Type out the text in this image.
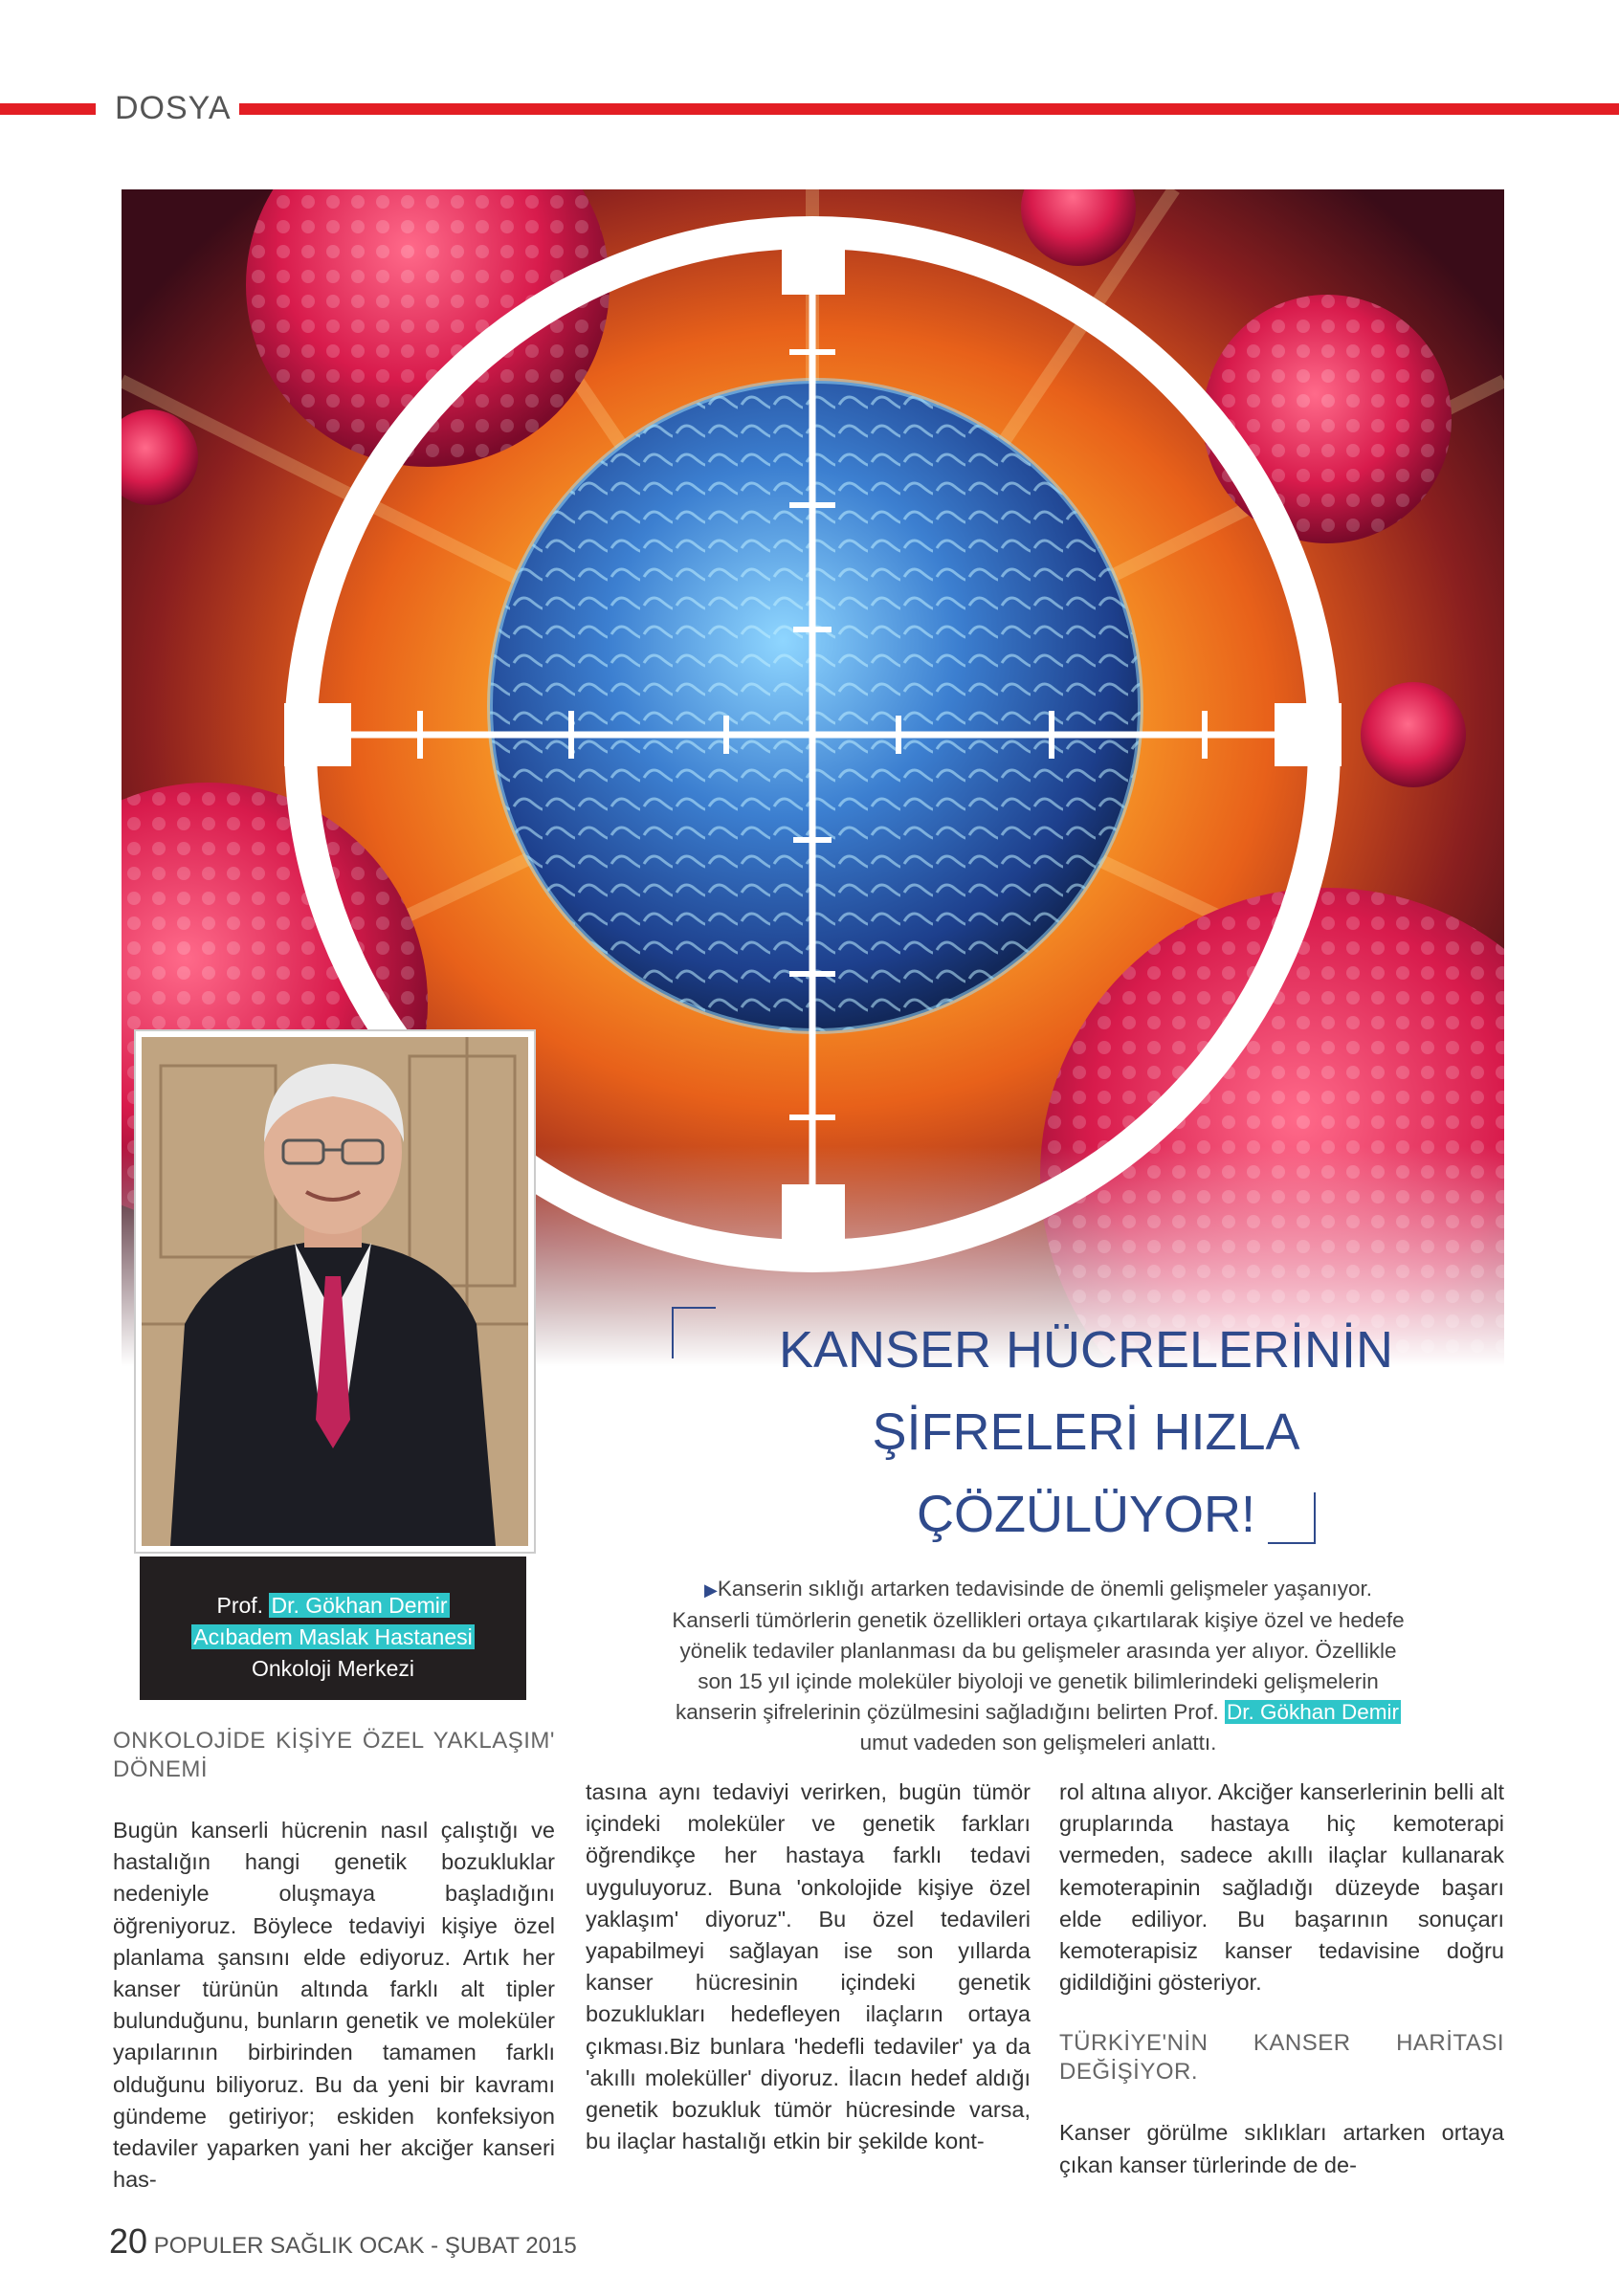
DOSYA
Prof. Dr. Gökhan Demir
Acıbadem Maslak Hastanesi
Onkoloji Merkezi
KANSER HÜCRELERİNİN
ŞİFRELERİ HIZLA
ÇÖZÜLÜYOR!
▶Kanserin sıklığı artarken tedavisinde de önemli gelişmeler yaşanıyor.
Kanserli tümörlerin genetik özellikleri ortaya çıkartılarak kişiye özel ve hedefe
yönelik tedaviler planlanması da bu gelişmeler arasında yer alıyor. Özellikle
son 15 yıl içinde moleküler biyoloji ve genetik bilimlerindeki gelişmelerin
kanserin şifrelerinin çözülmesini sağladığını belirten Prof. Dr. Gökhan Demir
umut vadeden son gelişmeleri anlattı.
ONKOLOJİDE KİŞİYE ÖZEL YAKLAŞIM' DÖNEMİ

Bugün kanserli hücrenin nasıl çalıştığı ve hastalığın hangi genetik bozukluklar nedeniyle oluşmaya başladığını öğreniyoruz. Böylece tedaviyi kişiye özel planlama şansını elde ediyoruz. Artık her kanser türünün altında farklı alt tipler bulunduğunu, bunların genetik ve moleküler yapılarının birbirinden tamamen farklı olduğunu biliyoruz. Bu da yeni bir kavramı gündeme getiriyor; eskiden konfeksiyon tedaviler yaparken yani her akciğer kanseri has-

tasına aynı tedaviyi verirken, bugün tümör içindeki moleküler ve genetik farkları öğrendikçe her hastaya farklı tedavi uyguluyoruz. Buna 'onkolojide kişiye özel yaklaşım' diyoruz". Bu özel tedavileri yapabilmeyi sağlayan ise son yıllarda kanser hücresinin içindeki genetik bozuklukları hedefleyen ilaçların ortaya çıkması.Biz bunlara 'hedefli tedaviler' ya da 'akıllı moleküller' diyoruz. İlacın hedef aldığı genetik bozukluk tümör hücresinde varsa, bu ilaçlar hastalığı etkin bir şekilde kont-

rol altına alıyor. Akciğer kanserlerinin belli alt gruplarında hastaya hiç kemoterapi vermeden, sadece akıllı ilaçlar kullanarak kemoterapinin sağladığı düzeyde başarı elde ediliyor. Bu başarının sonuçarı kemoterapisiz kanser tedavisine doğru gidildiğini gösteriyor.

TÜRKİYE'NİN KANSER HARİTASI DEĞİŞİYOR.

Kanser görülme sıklıkları artarken ortaya çıkan kanser türlerinde de de-

20 POPULER SAĞLIK OCAK - ŞUBAT 2015
